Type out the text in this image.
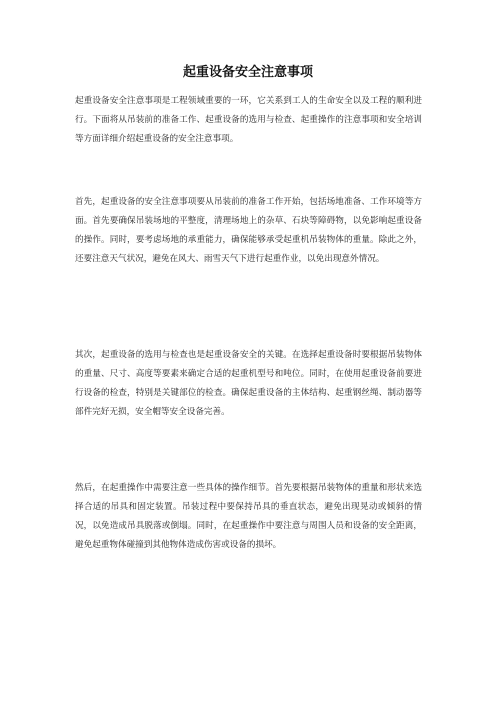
起重设备安全注意事项

起重设备安全注意事项是工程领域重要的一环，它关系到工人的生命安全以及工程的顺利进行。下面将从吊装前的准备工作、起重设备的选用与检查、起重操作的注意事项和安全培训等方面详细介绍起重设备的安全注意事项。

首先，起重设备的安全注意事项要从吊装前的准备工作开始，包括场地准备、工作环境等方面。首先要确保吊装场地的平整度，清理场地上的杂草、石块等障碍物，以免影响起重设备的操作。同时，要考虑场地的承重能力，确保能够承受起重机吊装物体的重量。除此之外，还要注意天气状况，避免在风大、雨雪天气下进行起重作业，以免出现意外情况。

其次，起重设备的选用与检查也是起重设备安全的关键。在选择起重设备时要根据吊装物体的重量、尺寸、高度等要素来确定合适的起重机型号和吨位。同时，在使用起重设备前要进行设备的检查，特别是关键部位的检查。确保起重设备的主体结构、起重钢丝绳、制动器等部件完好无损，安全帽等安全设备完善。

然后，在起重操作中需要注意一些具体的操作细节。首先要根据吊装物体的重量和形状来选择合适的吊具和固定装置。吊装过程中要保持吊具的垂直状态，避免出现晃动或倾斜的情况，以免造成吊具脱落或倒塌。同时，在起重操作中要注意与周围人员和设备的安全距离，避免起重物体碰撞到其他物体造成伤害或设备的损坏。
